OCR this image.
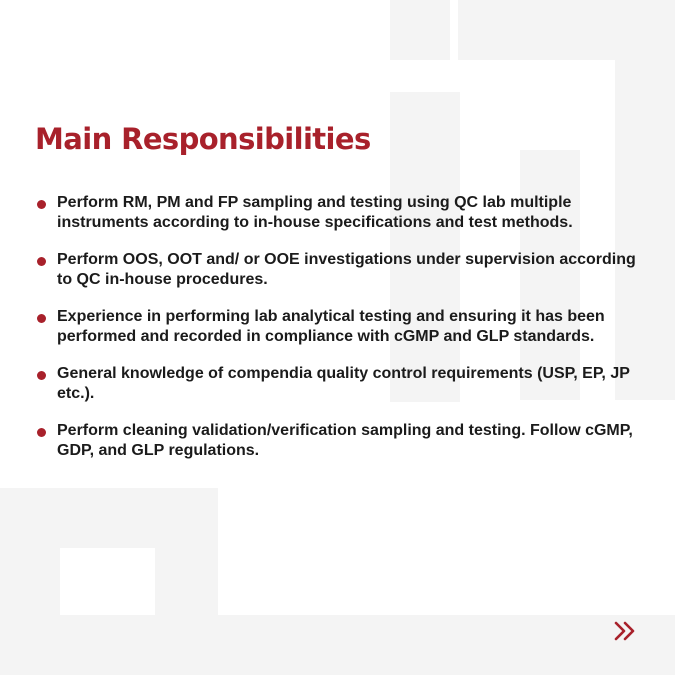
Main Responsibilities
Perform RM, PM and FP sampling and testing using QC lab multiple instruments according to in-house specifications and test methods.
Perform OOS, OOT and/ or OOE investigations under supervision according to QC in-house procedures.
Experience in performing lab analytical testing and ensuring it has been performed and recorded in compliance with cGMP and GLP standards.
General knowledge of compendia quality control requirements (USP, EP, JP etc.).
Perform cleaning validation/verification sampling and testing. Follow cGMP, GDP, and GLP regulations.
